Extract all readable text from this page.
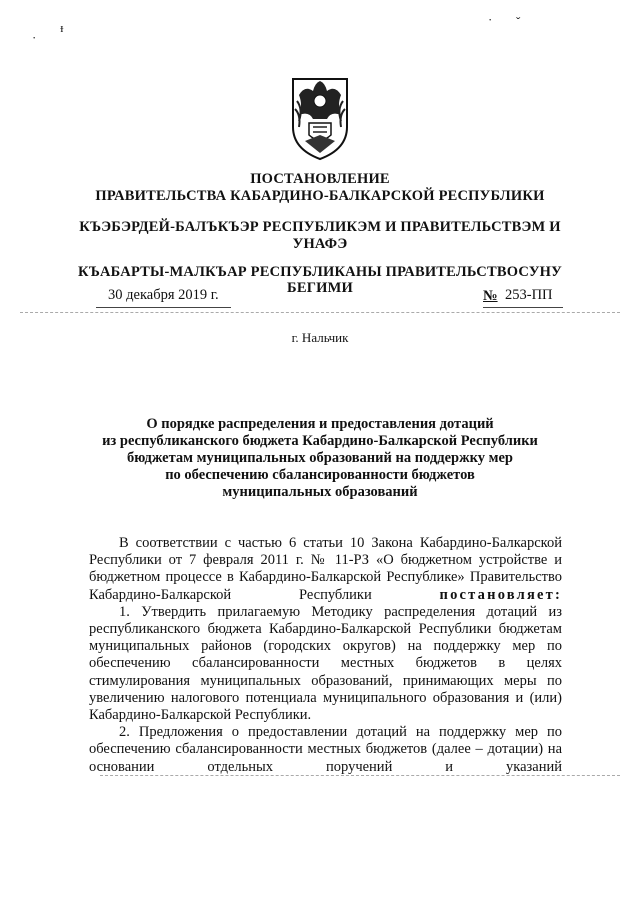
·
ᵻ
· ˇ
ПОСТАНОВЛЕНИЕ
ПРАВИТЕЛЬСТВА КАБАРДИНО-БАЛКАРСКОЙ РЕСПУБЛИКИ
КЪЭБЭРДЕЙ-БАЛЪКЪЭР РЕСПУБЛИКЭМ И ПРАВИТЕЛЬСТВЭМ И
УНАФЭ
КЪАБАРТЫ-МАЛКЪАР РЕСПУБЛИКАНЫ ПРАВИТЕЛЬСТВОСУНУ
БЕГИМИ
30 декабря 2019 г.	№ 253-ПП
г. Нальчик
О порядке распределения и предоставления дотаций
из республиканского бюджета Кабардино-Балкарской Республики
бюджетам муниципальных образований на поддержку мер
по обеспечению сбалансированности бюджетов
муниципальных образований

В соответствии с частью 6 статьи 10 Закона Кабардино-Балкарской Республики от 7 февраля 2011 г. № 11-РЗ «О бюджетном устройстве и бюджетном процессе в Кабардино-Балкарской Республике» Правительство Кабардино-Балкарской Республики	постановляет:

1. Утвердить прилагаемую Методику распределения дотаций из республиканского бюджета Кабардино-Балкарской Республики бюджетам муниципальных районов (городских округов) на поддержку мер по обеспечению сбалансированности местных бюджетов в целях стимулирования муниципальных образований, принимающих меры по увеличению налогового потенциала муниципального образования и (или) Кабардино-Балкарской Республики.

2. Предложения о предоставлении дотаций на поддержку мер по обеспечению сбалансированности местных бюджетов (далее – дотации) на основании отдельных поручений и указаний
